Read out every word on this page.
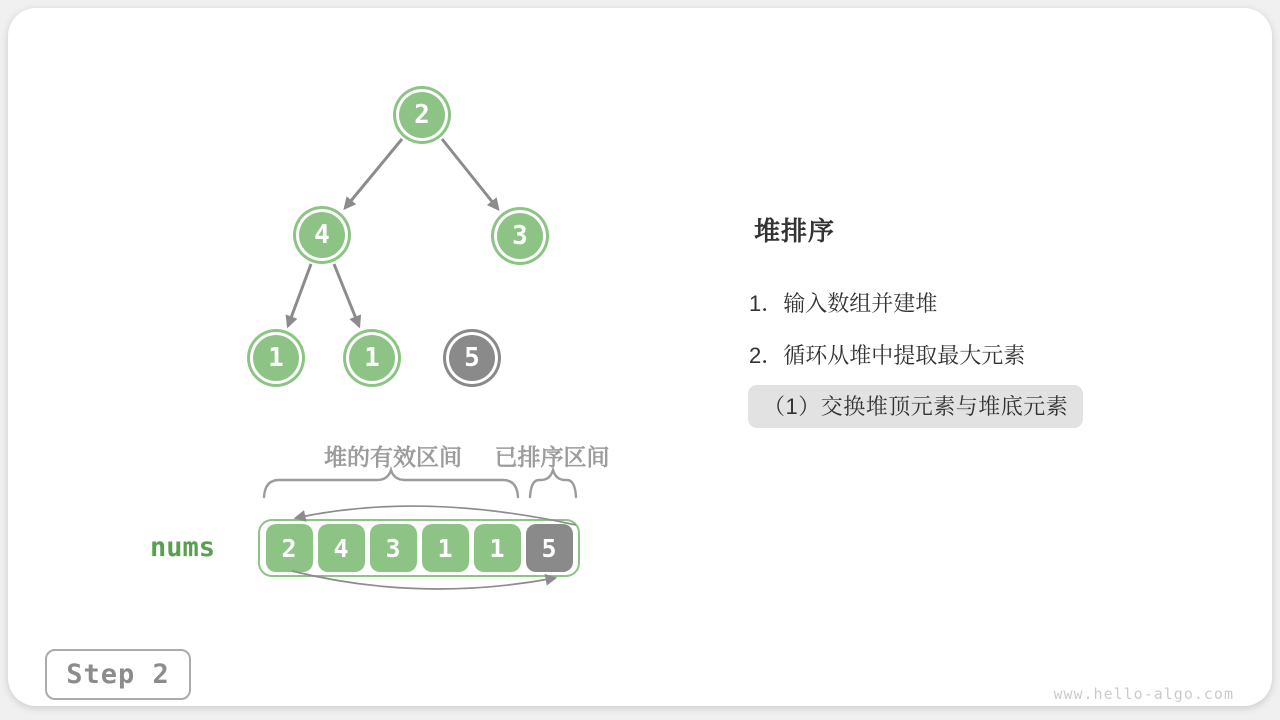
2
4	3
1	1	5
堆的有效区间	已排序区间
nums	2 4 3 1 1 5
堆排序
1．输入数组并建堆
2．循环从堆中提取最大元素
（1）交换堆顶元素与堆底元素
Step 2
www.hello-algo.com
